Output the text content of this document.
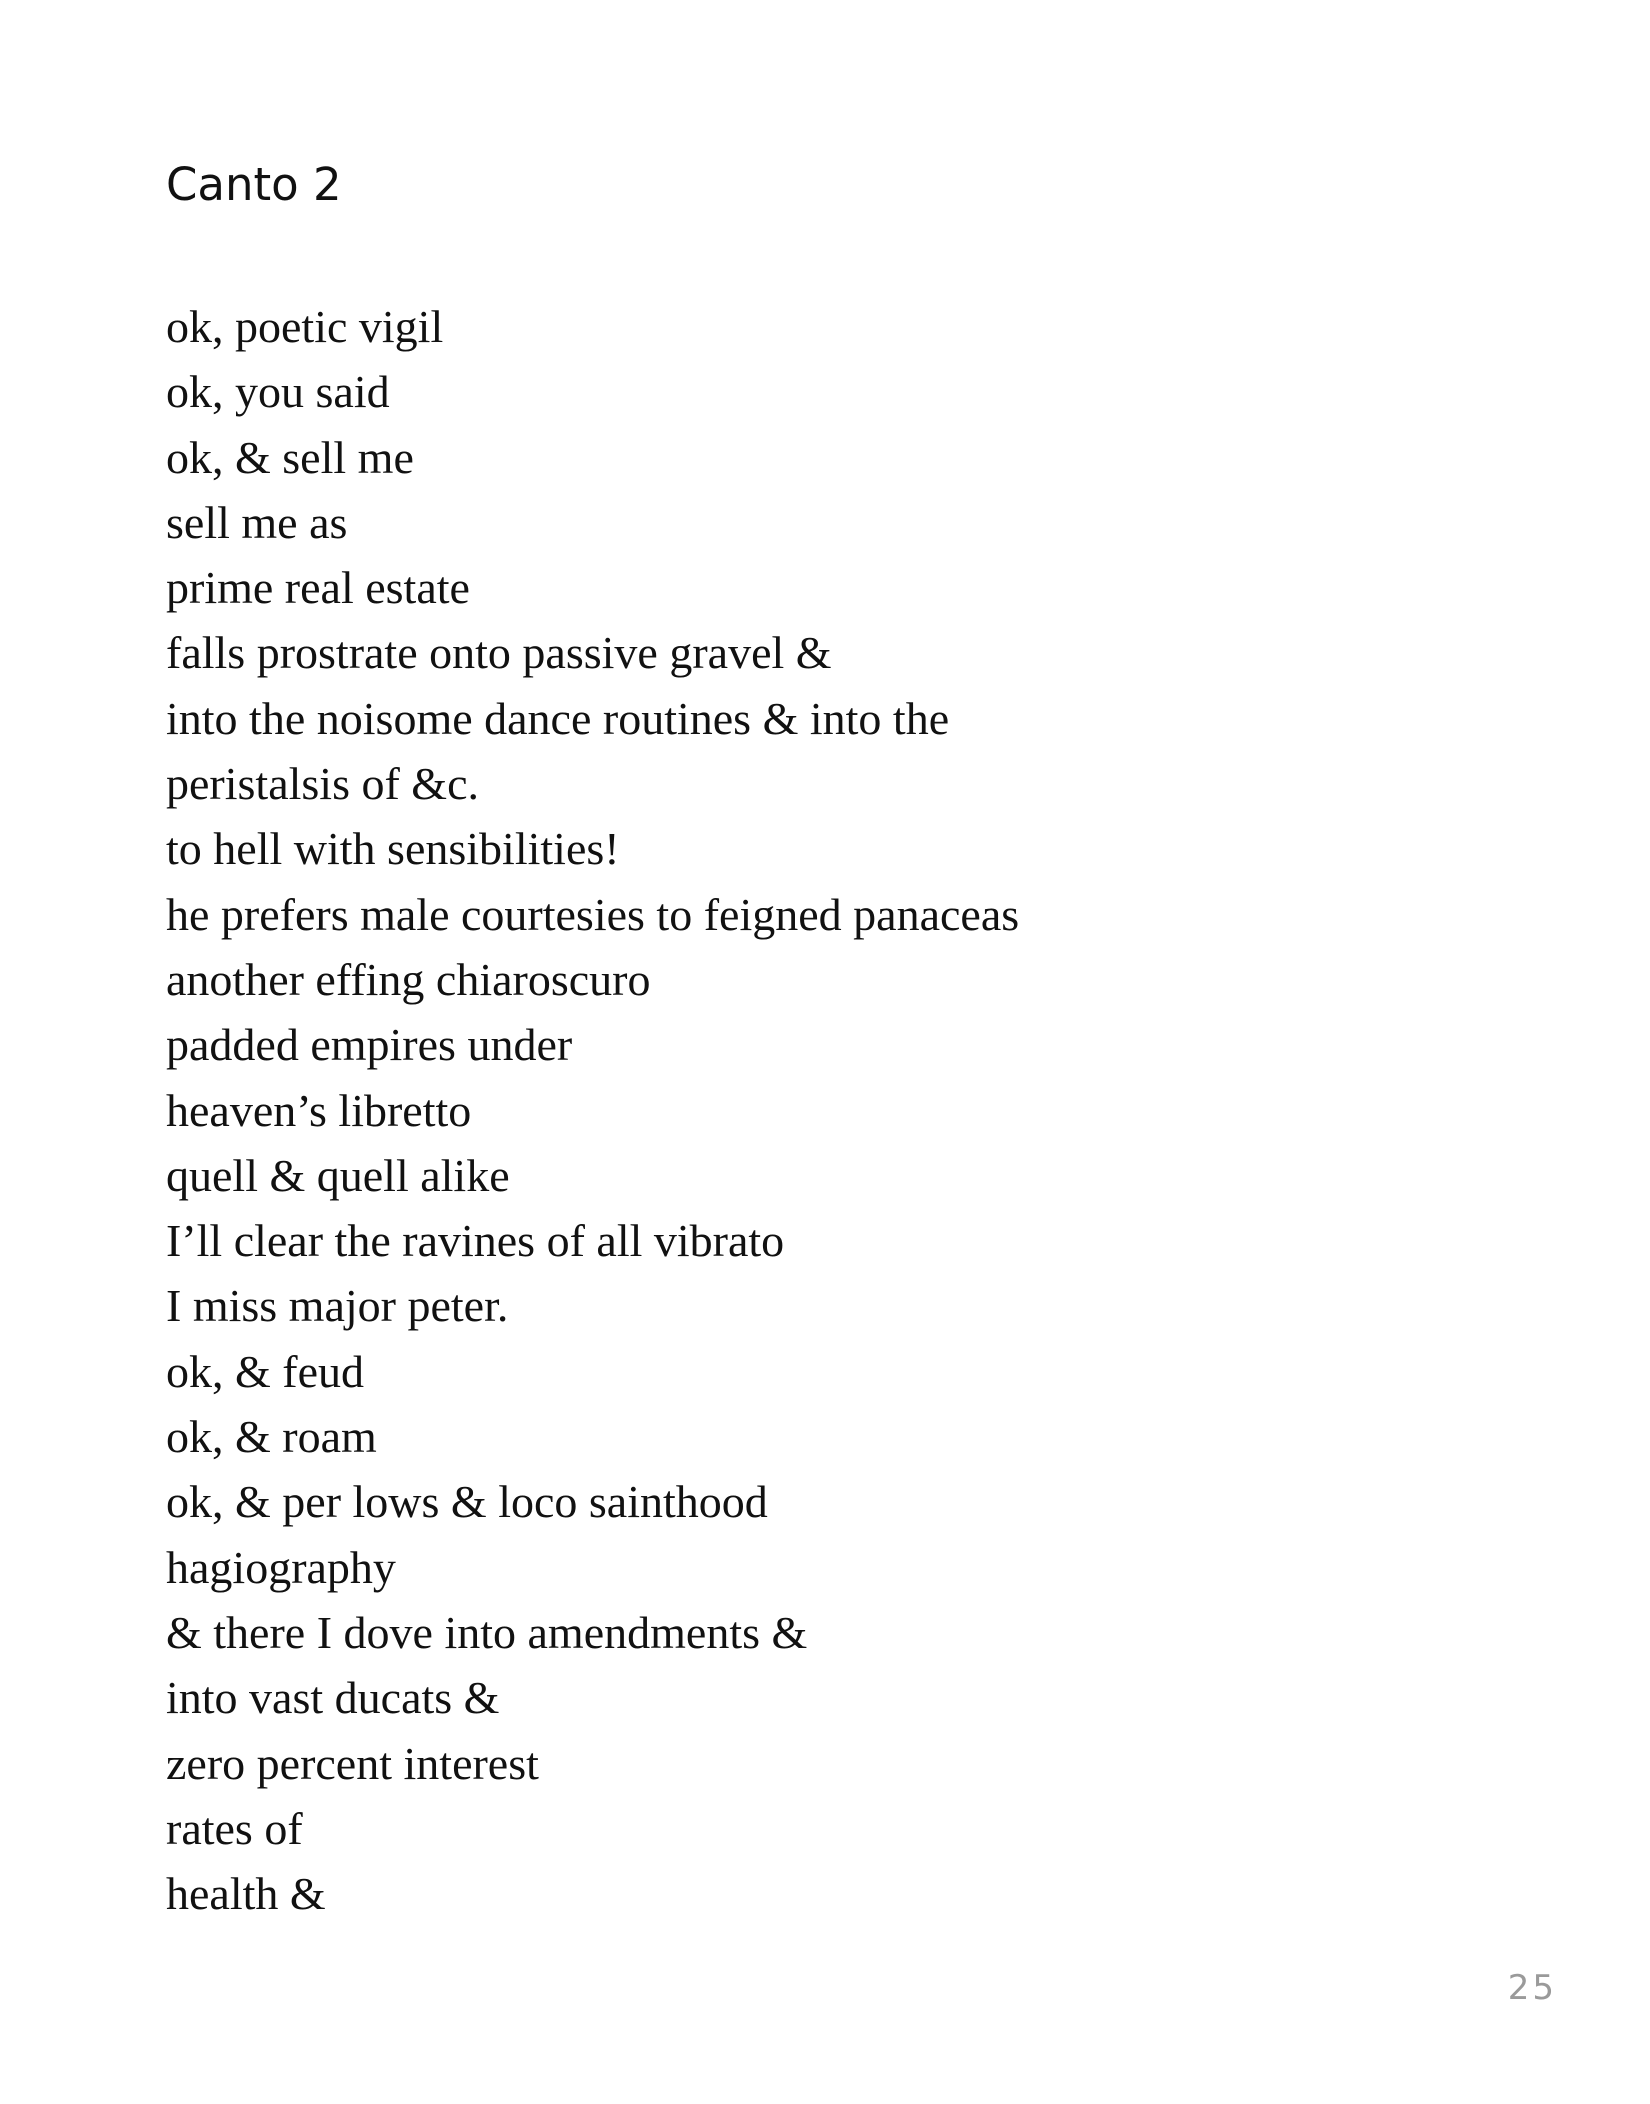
Canto 2
ok, poetic vigil
ok, you said
ok, & sell me
sell me as
prime real estate
falls prostrate onto passive gravel &
into the noisome dance routines & into the
peristalsis of &c.
to hell with sensibilities!
he prefers male courtesies to feigned panaceas
another effing chiaroscuro
padded empires under
heaven’s libretto
quell & quell alike
I’ll clear the ravines of all vibrato
I miss major peter.
ok, & feud
ok, & roam
ok, & per lows & loco sainthood
hagiography
& there I dove into amendments &
into vast ducats &
zero percent interest
rates of
health &
25
